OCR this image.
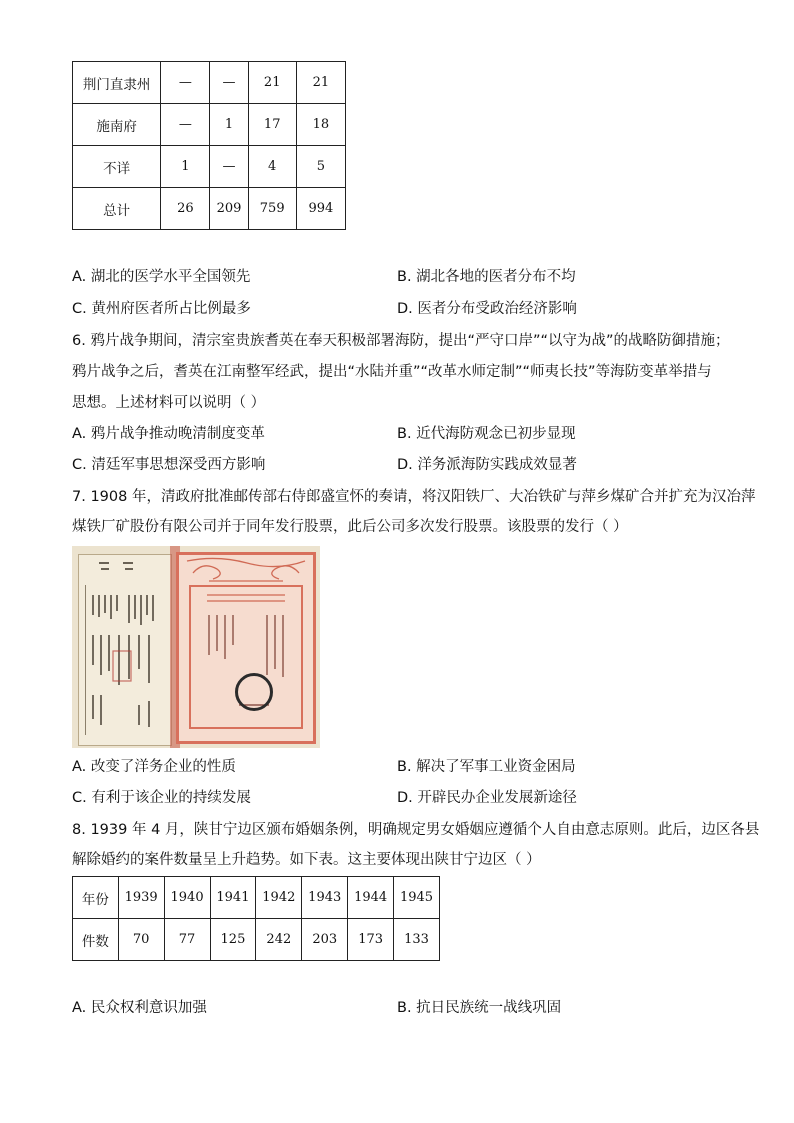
荆门直隶州	—	—	21	21
施南府	—	1	17	18
不详	1	—	4	5
总计	26	209	759	994
A. 湖北的医学水平全国领先	B. 湖北各地的医者分布不均
C. 黄州府医者所占比例最多	D. 医者分布受政治经济影响
6. 鸦片战争期间，清宗室贵族耆英在奉天积极部署海防，提出“严守口岸”“以守为战”的战略防御措施；
鸦片战争之后，耆英在江南整军经武，提出“水陆并重”“改革水师定制”“师夷长技”等海防变革举措与
思想。上述材料可以说明（ ）
A. 鸦片战争推动晚清制度变革	B. 近代海防观念已初步显现
C. 清廷军事思想深受西方影响	D. 洋务派海防实践成效显著
7. 1908 年，清政府批准邮传部右侍郎盛宣怀的奏请，将汉阳铁厂、大冶铁矿与萍乡煤矿合并扩充为汉冶萍
煤铁厂矿股份有限公司并于同年发行股票，此后公司多次发行股票。该股票的发行（ ）
A. 改变了洋务企业的性质	B. 解决了军事工业资金困局
C. 有利于该企业的持续发展	D. 开辟民办企业发展新途径
8. 1939 年 4 月，陕甘宁边区颁布婚姻条例，明确规定男女婚姻应遵循个人自由意志原则。此后，边区各县
解除婚约的案件数量呈上升趋势。如下表。这主要体现出陕甘宁边区（ ）
年份	1939	1940	1941	1942	1943	1944	1945
件数	70	77	125	242	203	173	133
A. 民众权利意识加强	B. 抗日民族统一战线巩固
